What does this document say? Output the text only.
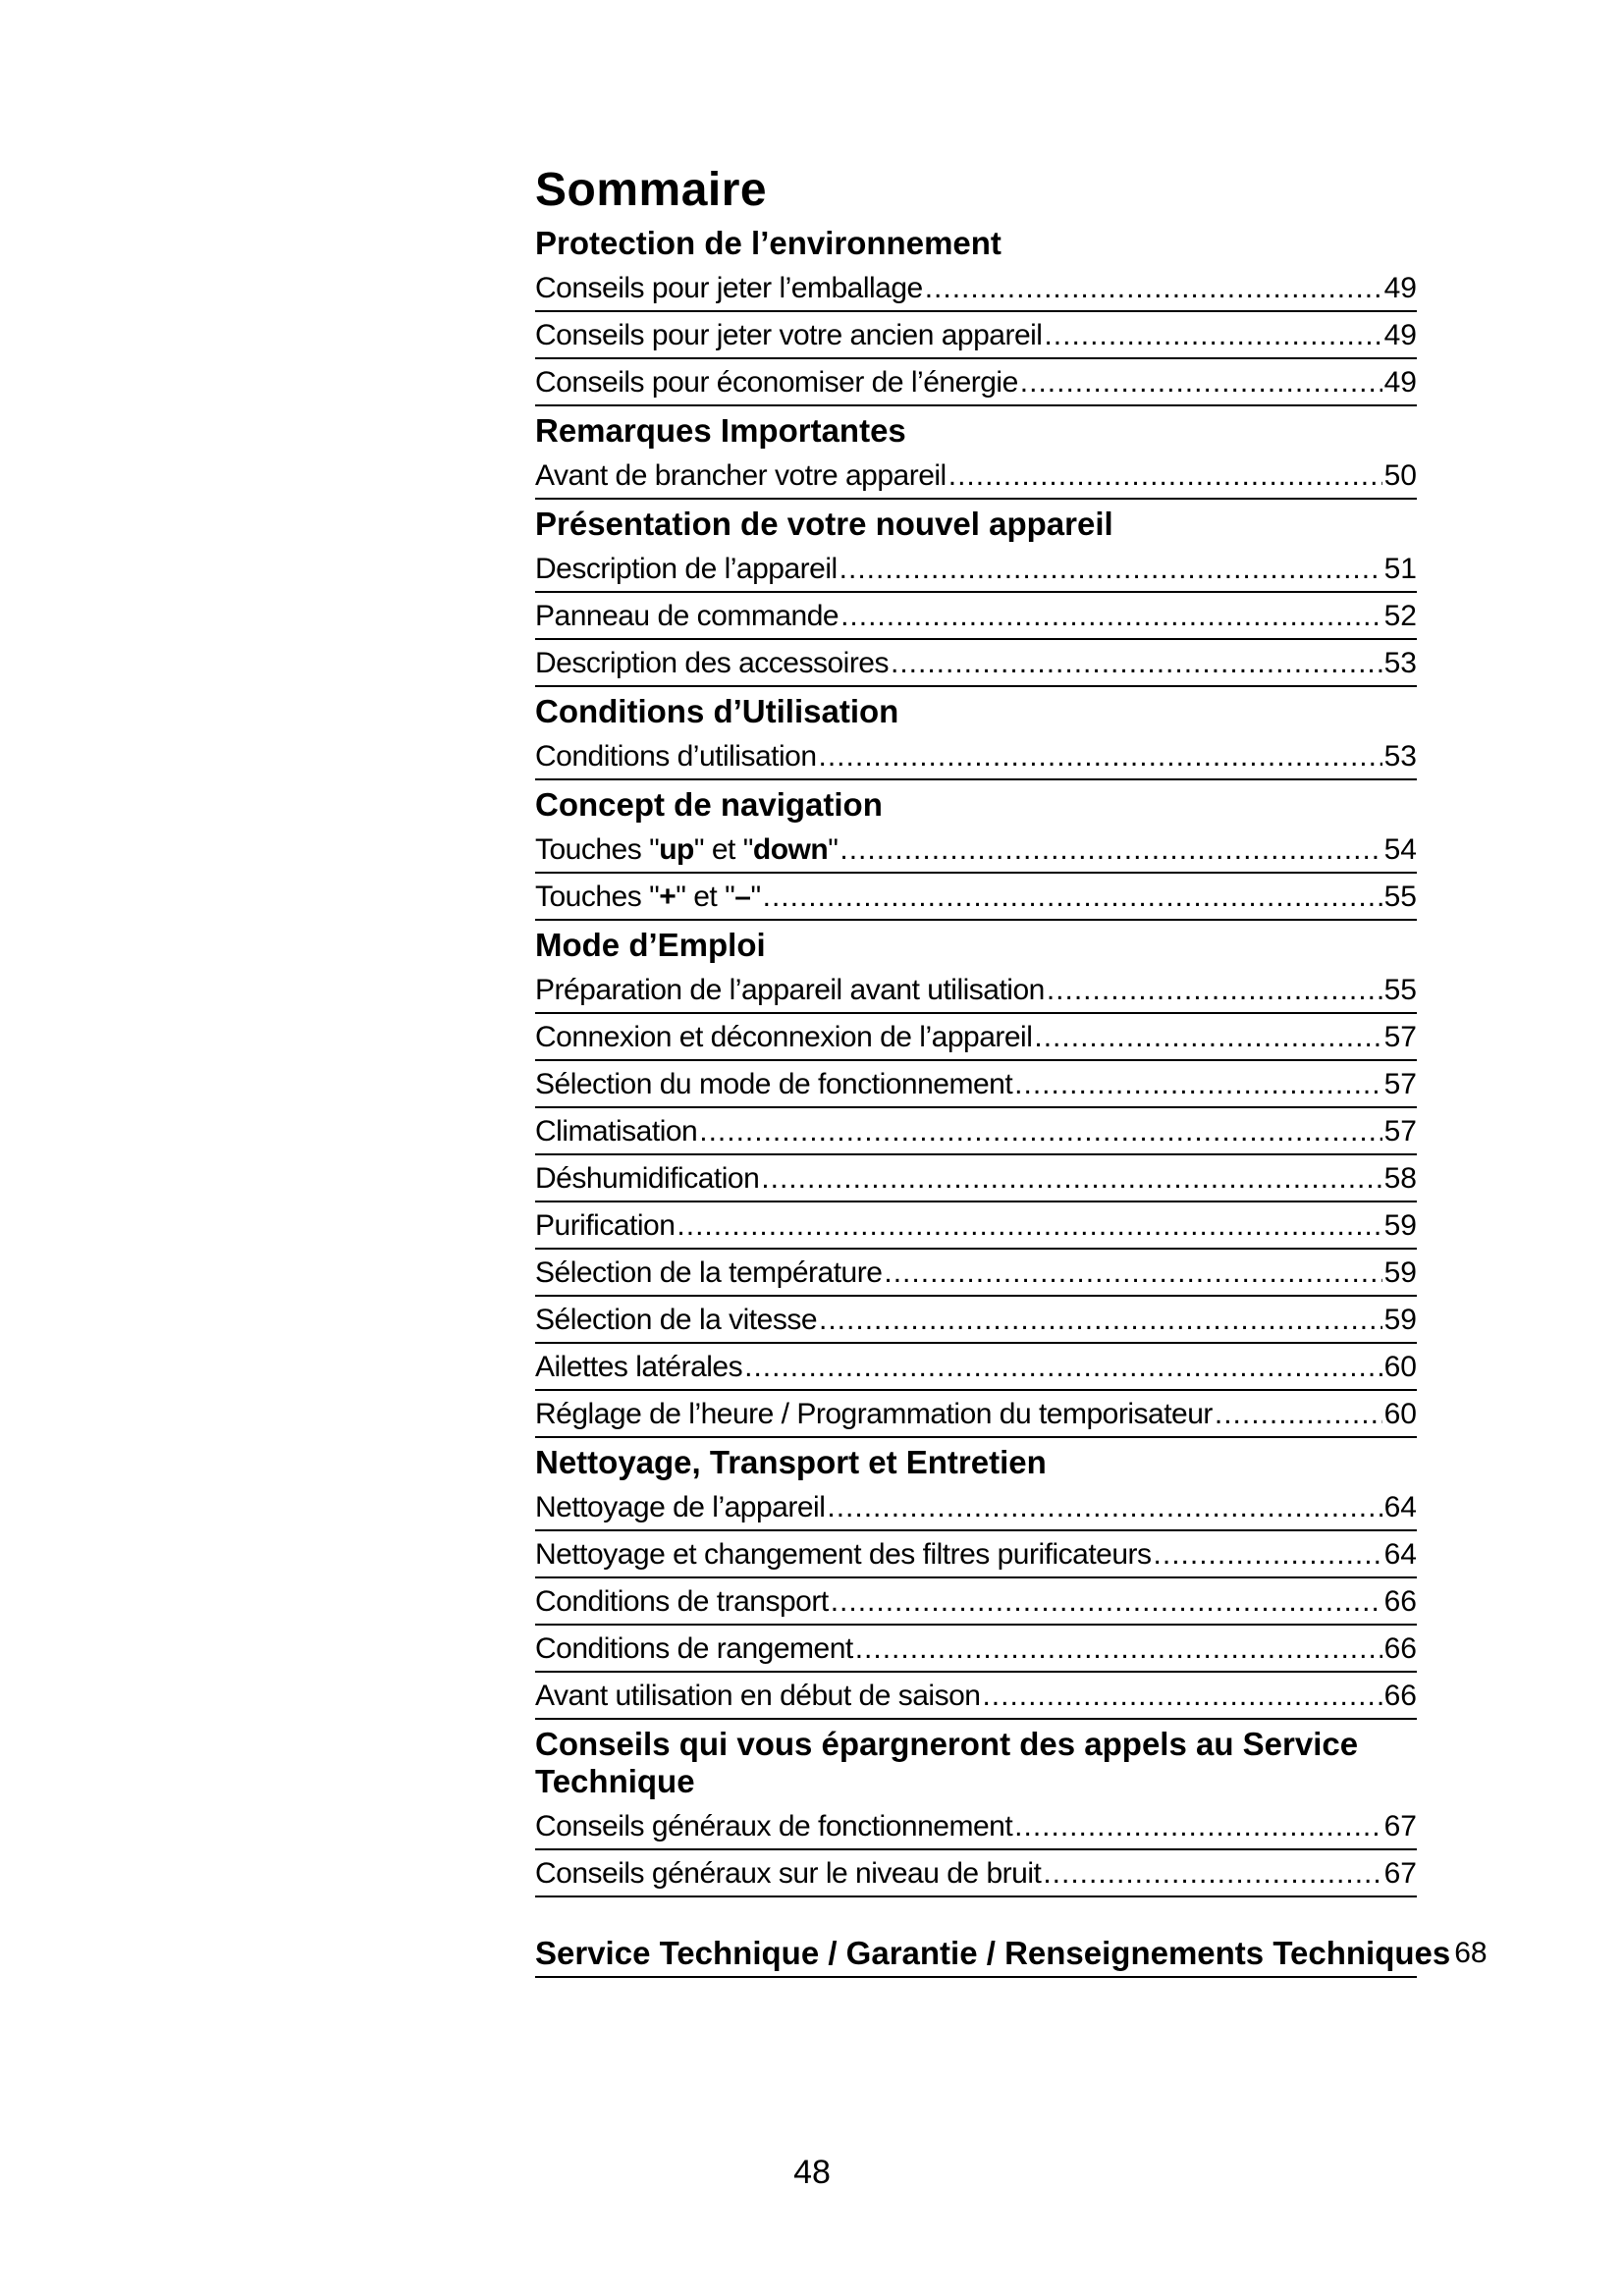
Sommaire
Protection de l’environnement
Conseils pour jeter l’emballage .....	49
Conseils pour jeter votre ancien appareil .....	49
Conseils pour économiser de l’énergie .....	49
Remarques Importantes
Avant de brancher votre appareil .....	50
Présentation de votre nouvel appareil
Description de l’appareil .....	51
Panneau de commande .....	52
Description des accessoires .....	53
Conditions d’Utilisation
Conditions d’utilisation .....	53
Concept de navigation
Touches "up" et "down" .....	54
Touches "+" et "–" .....	55
Mode d’Emploi
Préparation de l’appareil avant utilisation .....	55
Connexion et déconnexion de l’appareil .....	57
Sélection du mode de fonctionnement .....	57
Climatisation .....	57
Déshumidification .....	58
Purification .....	59
Sélection de la température .....	59
Sélection de la vitesse .....	59
Ailettes latérales .....	60
Réglage de l’heure / Programmation du temporisateur .....	60
Nettoyage, Transport et Entretien
Nettoyage de l’appareil .....	64
Nettoyage et changement des filtres purificateurs .....	64
Conditions de transport .....	66
Conditions de rangement .....	66
Avant utilisation en début de saison .....	66
Conseils qui vous épargneront des appels au Service Technique
Conseils généraux de fonctionnement .....	67
Conseils généraux sur le niveau de bruit .....	67
Service Technique / Garantie / Renseignements Techniques 68
48
